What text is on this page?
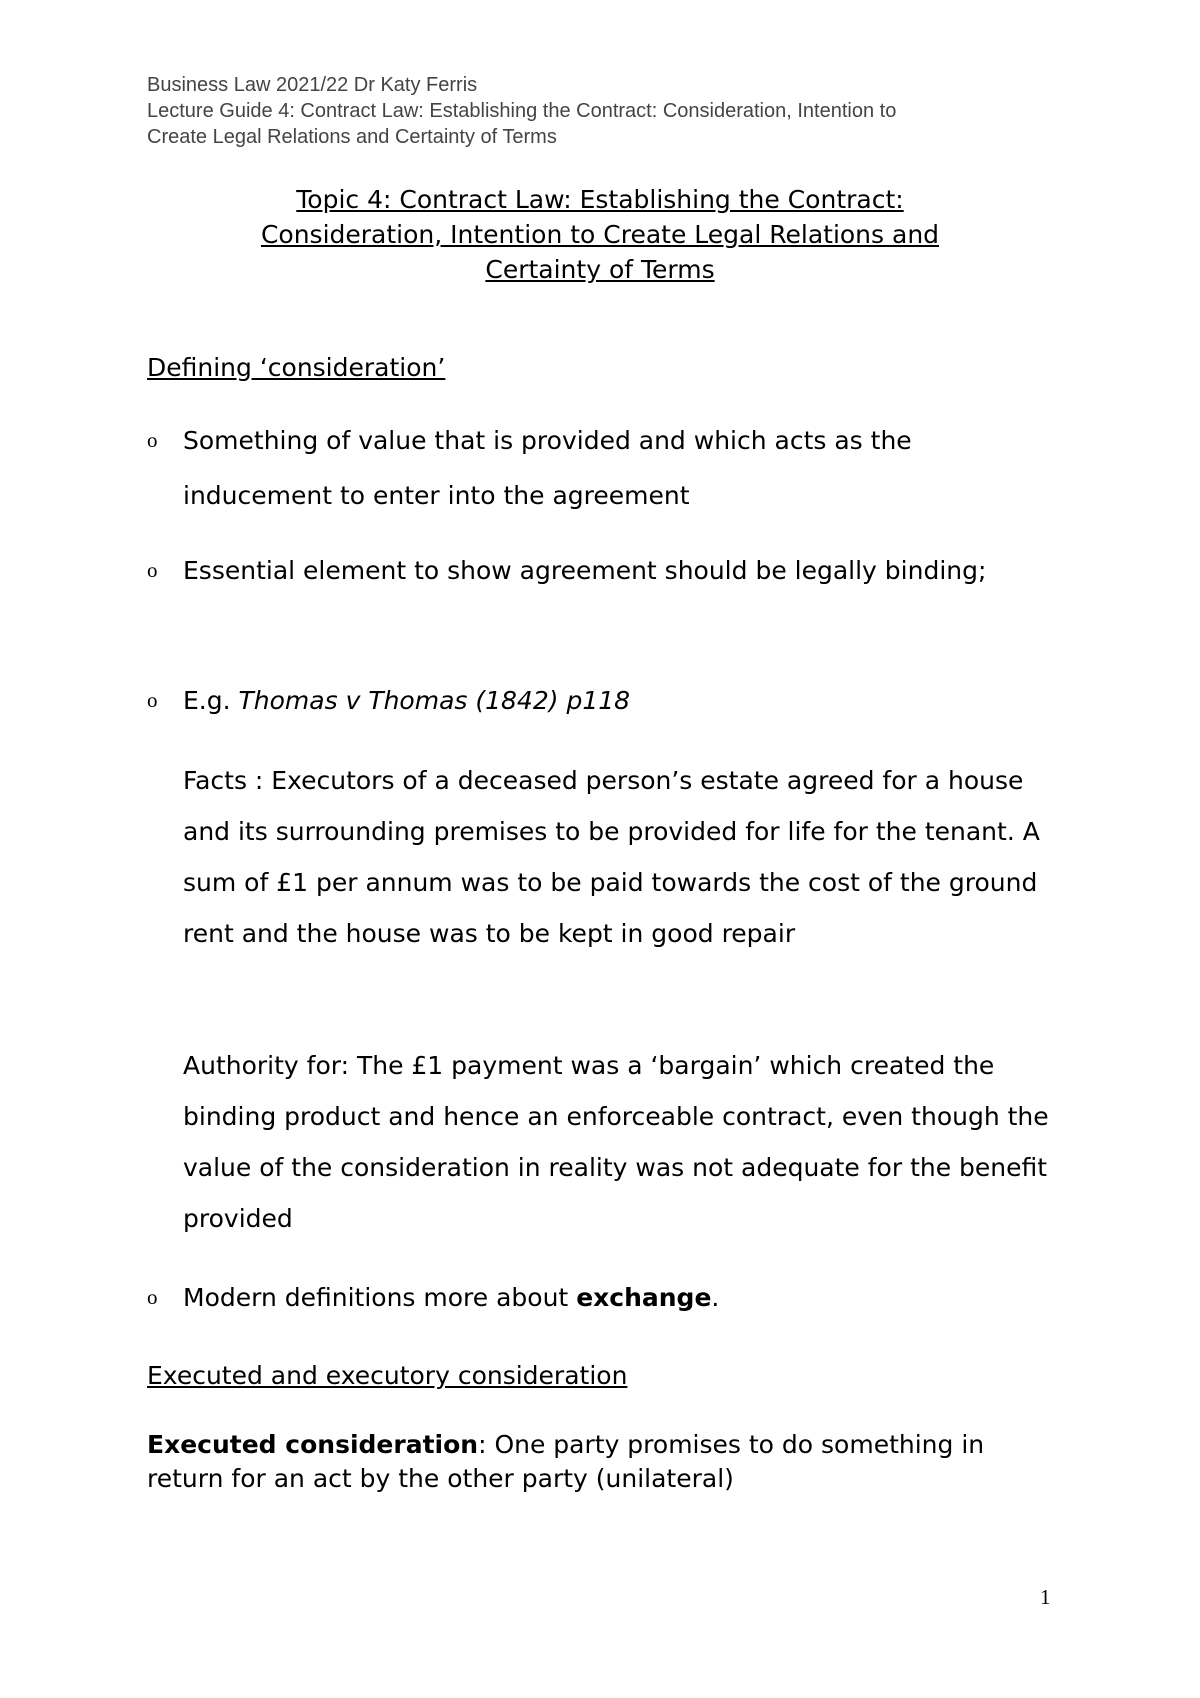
Business Law 2021/22 Dr Katy Ferris
Lecture Guide 4: Contract Law: Establishing the Contract: Consideration, Intention to
Create Legal Relations and Certainty of Terms
Topic 4: Contract Law: Establishing the Contract:
Consideration, Intention to Create Legal Relations and
Certainty of Terms
Defining ‘consideration’
o Something of value that is provided and which acts as the inducement to enter into the agreement
o Essential element to show agreement should be legally binding;
o E.g. Thomas v Thomas (1842) p118
Facts : Executors of a deceased person’s estate agreed for a house and its surrounding premises to be provided for life for the tenant. A sum of £1 per annum was to be paid towards the cost of the ground rent and the house was to be kept in good repair
Authority for: The £1 payment was a ‘bargain’ which created the binding product and hence an enforceable contract, even though the value of the consideration in reality was not adequate for the benefit provided
o Modern definitions more about exchange.
Executed and executory consideration
Executed consideration: One party promises to do something in return for an act by the other party (unilateral)
1
